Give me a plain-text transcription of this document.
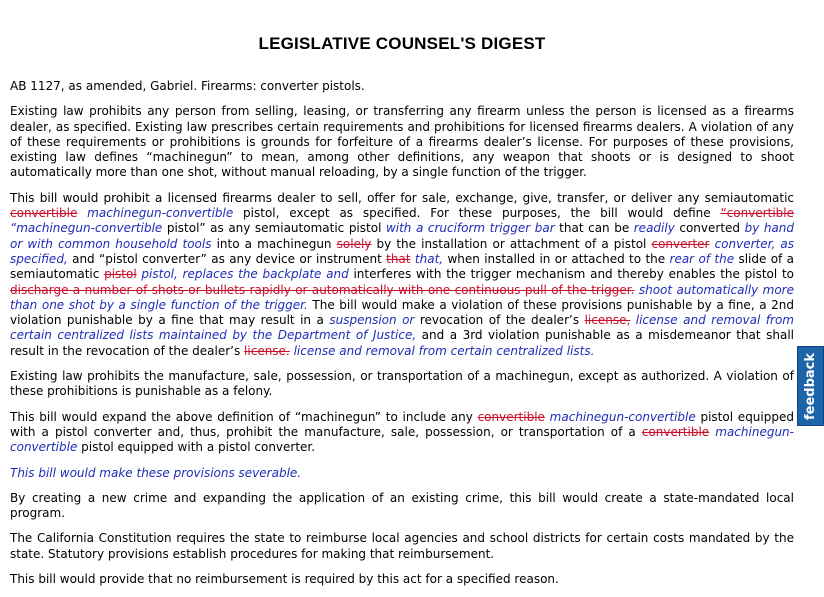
LEGISLATIVE COUNSEL'S DIGEST

AB 1127, as amended, Gabriel. Firearms: converter pistols.

Existing law prohibits any person from selling, leasing, or transferring any firearm unless the person is licensed as a firearms dealer, as specified. Existing law prescribes certain requirements and prohibitions for licensed firearms dealers. A violation of any of these requirements or prohibitions is grounds for forfeiture of a firearms dealer’s license. For purposes of these provisions, existing law defines “machinegun” to mean, among other definitions, any weapon that shoots or is designed to shoot automatically more than one shot, without manual reloading, by a single function of the trigger.

This bill would prohibit a licensed firearms dealer to sell, offer for sale, exchange, give, transfer, or deliver any semiautomatic convertible machinegun-convertible pistol, except as specified. For these purposes, the bill would define “convertible “machinegun-convertible pistol” as any semiautomatic pistol with a cruciform trigger bar that can be readily converted by hand or with common household tools into a machinegun solely by the installation or attachment of a pistol converter converter, as specified, and “pistol converter” as any device or instrument that that, when installed in or attached to the rear of the slide of a semiautomatic pistol pistol, replaces the backplate and interferes with the trigger mechanism and thereby enables the pistol to discharge a number of shots or bullets rapidly or automatically with one continuous pull of the trigger. shoot automatically more than one shot by a single function of the trigger. The bill would make a violation of these provisions punishable by a fine, a 2nd violation punishable by a fine that may result in a suspension or revocation of the dealer’s license, license and removal from certain centralized lists maintained by the Department of Justice, and a 3rd violation punishable as a misdemeanor that shall result in the revocation of the dealer’s license. license and removal from certain centralized lists.

Existing law prohibits the manufacture, sale, possession, or transportation of a machinegun, except as authorized. A violation of these prohibitions is punishable as a felony.

This bill would expand the above definition of “machinegun” to include any convertible machinegun-convertible pistol equipped with a pistol converter and, thus, prohibit the manufacture, sale, possession, or transportation of a convertible machinegun-convertible pistol equipped with a pistol converter.

This bill would make these provisions severable.

By creating a new crime and expanding the application of an existing crime, this bill would create a state-mandated local program.

The California Constitution requires the state to reimburse local agencies and school districts for certain costs mandated by the state. Statutory provisions establish procedures for making that reimbursement.

This bill would provide that no reimbursement is required by this act for a specified reason.

feedback
